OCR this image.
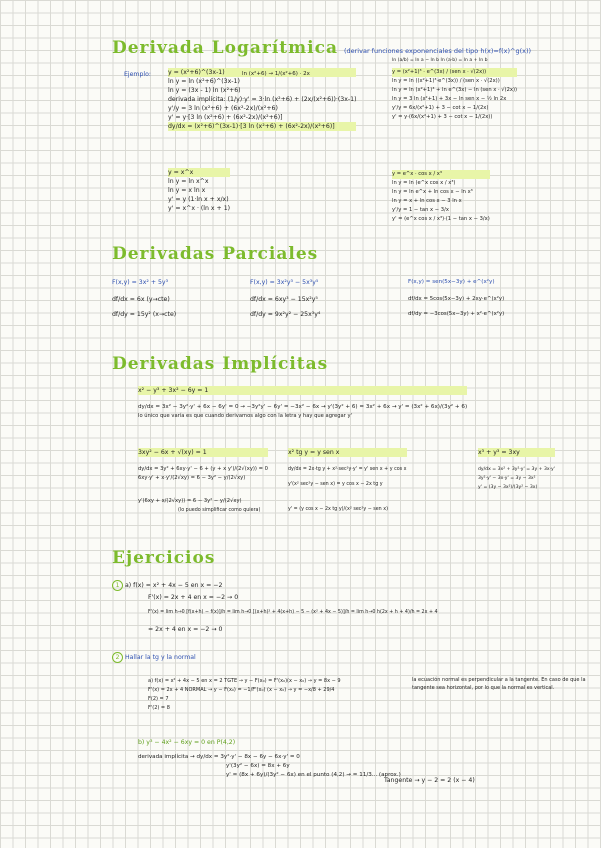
Derivada Logarítmica (derivar funciones exponenciales del tipo h(x)=f(x)^g(x))
Ejemplo:	y = (x²+6)^(3x-1)
ln y = ln (x²+6)^(3x-1)
ln y = (3x - 1) ln (x²+6)
derivada implícita: (1/y)·y' = 3·ln (x²+6) + (2x/(x²+6))·(3x-1)
y'/y = 3 ln (x²+6) + (6x²-2x)/(x²+6)
y' = y·[3 ln (x²+6) + (6x²-2x)/(x²+6)]
dy/dx = (x²+6)^(3x-1)·[3 ln (x²+6) + (6x²-2x)/(x²+6)]
ln (x²+6) → 1/(x²+6) · 2x
y = x^x
ln y = ln x^x
ln y = x ln x
y' = y (1·ln x + x/x)
y' = x^x · (ln x + 1)
y = (x²+1)³ · e^(3x) / (sen x · √(2x))
ln y = ln ((x²+1)³·e^(3x)) / (sen x · √(2x))
ln y = ln (x²+1)³ + ln e^(3x) − ln (sen x · √(2x))
ln y = 3 ln (x²+1) + 3x − ln sen x − ½ ln 2x
y'/y = 6x/(x²+1) + 3 − cot x − 1/(2x)
y' = y·(6x/(x²+1) + 3 − cot x − 1/(2x))
ln (a/b) = ln a − ln b ln (a·b) = ln a + ln b
y = e^x · cos x / x³
ln y = ln (e^x cos x / x³)
ln y = ln e^x + ln cos x − ln x³
ln y = x + ln cos x − 3 ln x
y'/y = 1 − tan x − 3/x
y' = (e^x cos x / x³)·(1 − tan x − 3/x)
Derivadas Parciales
F(x,y) = 3x² + 5y³
df/dx = 6x (y→cte)
df/dy = 15y² (x→cte)
F(x,y) = 3x²y³ − 5x³y⁵
df/dx = 6xy³ − 15x²y⁵
df/dy = 9x²y² − 25x³y⁴
F(x,y) = sen(5x−3y) + e^(x²y)
df/dx = 5cos(5x−3y) + 2xy·e^(x²y)
df/dy = −3cos(5x−3y) + x²·e^(x²y)
Derivadas Implícitas
x² − y³ + 3x² − 6y = 1
dy/dx = 3x² − 3y²·y' + 6x − 6y' = 0 → −3y²y' − 6y' = −3x² − 6x → y'(3y² + 6) = 3x² + 6x → y' = (3x² + 6x)/(3y² + 6)
lo único que varía es que cuando derivamos algo con la letra y hay que agregar y'
3xy² − 6x + √(xy) = 1
dy/dx = 3y² + 6xy·y' − 6 + (y + x y')/(2√(xy)) = 0
6xy·y' + x·y'/(2√xy) = 6 − 3y² − y/(2√xy)
y'(6xy + x/(2√xy)) = 6 − 3y² − y/(2√xy)
(lo puedo simplificar como quiera)
x² tg y = y sen x
dy/dx = 2x·tg y + x²·sec²y·y' = y' sen x + y cos x
y'(x² sec²y − sen x) = y cos x − 2x tg y
y' = (y cos x − 2x tg y)/(x² sec²y − sen x)
x³ + y³ = 3xy
dy/dx = 3x² + 3y²·y' = 3y + 3x·y'
3y²·y' − 3x·y' = 3y − 3x²
y' = (3y − 3x²)/(3y² − 3x)
Ejercicios
1 a) f(x) = x² + 4x − 5 en x = −2
F'(x) = 2x + 4 en x = −2 → 0
F'(x) = lim h→0 [f(x+h) − f(x)]/h = lim h→0 [(x+h)² + 4(x+h) − 5 − (x² + 4x − 5)]/h = lim h→0 h(2x + h + 4)/h = 2x + 4
= 2x + 4 en x = −2 → 0
2 Hallar la tg y la normal
a) f(x) = x² + 4x − 5 en x = 2 TGTE → y − F(x₀) = F'(x₀)(x − x₀) → y = 8x − 9
F'(x) = 2x + 4 NORMAL → y − F(x₀) = −1/F'(x₀) (x − x₀) → y = −x/8 + 29/4
F(2) = 7
F'(2) = 8
la ecuación normal es perpendicular a la tangente. En caso de que la tangente sea horizontal, por lo que la normal es vertical.
b) y³ − 4x² − 6xy = 0 en P(4,2)
derivada implícita → dy/dx = 3y²·y' − 8x − 6y − 6x·y' = 0
y'(3y² − 6x) = 8x + 6y
y' = (8x + 6y)/(3y² − 6x) en el punto (4,2) → = 11/3... (aprox.)
Tangente → y − 2 = 2 (x − 4)
